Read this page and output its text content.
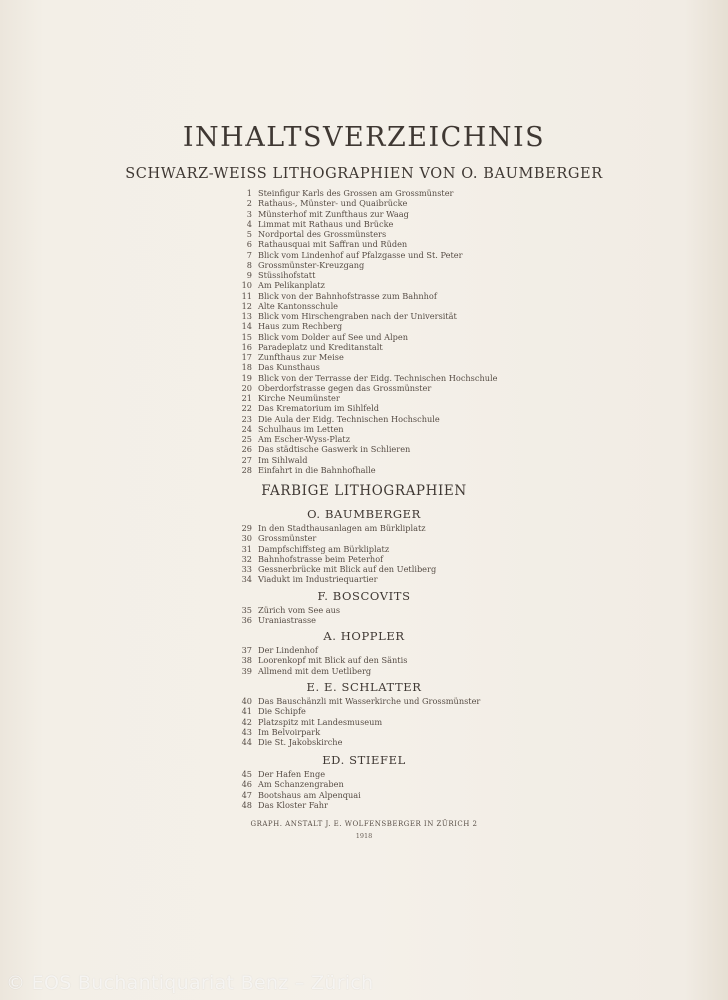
INHALTSVERZEICHNIS
SCHWARZ-WEISS LITHOGRAPHIEN VON O. BAUMBERGER
1 Steinfigur Karls des Grossen am Grossmünster
2 Rathaus-, Münster- und Quaibrücke
3 Münsterhof mit Zunfthaus zur Waag
4 Limmat mit Rathaus und Brücke
5 Nordportal des Grossmünsters
6 Rathausquai mit Saffran und Rüden
7 Blick vom Lindenhof auf Pfalzgasse und St. Peter
8 Grossmünster-Kreuzgang
9 Stüssihofstatt
10 Am Pelikanplatz
11 Blick von der Bahnhofstrasse zum Bahnhof
12 Alte Kantonsschule
13 Blick vom Hirschengraben nach der Universität
14 Haus zum Rechberg
15 Blick vom Dolder auf See und Alpen
16 Paradeplatz und Kreditanstalt
17 Zunfthaus zur Meise
18 Das Kunsthaus
19 Blick von der Terrasse der Eidg. Technischen Hochschule
20 Oberdorfstrasse gegen das Grossmünster
21 Kirche Neumünster
22 Das Krematorium im Sihlfeld
23 Die Aula der Eidg. Technischen Hochschule
24 Schulhaus im Letten
25 Am Escher-Wyss-Platz
26 Das städtische Gaswerk in Schlieren
27 Im Sihlwald
28 Einfahrt in die Bahnhofhalle
FARBIGE LITHOGRAPHIEN
O. BAUMBERGER
29 In den Stadthausanlagen am Bürkliplatz
30 Grossmünster
31 Dampfschiffsteg am Bürkliplatz
32 Bahnhofstrasse beim Peterhof
33 Gessnerbrücke mit Blick auf den Uetliberg
34 Viadukt im Industriequartier
F. BOSCOVITS
35 Zürich vom See aus
36 Uraniastrasse
A. HOPPLER
37 Der Lindenhof
38 Loorenkopf mit Blick auf den Säntis
39 Allmend mit dem Uetliberg
E. E. SCHLATTER
40 Das Bauschänzli mit Wasserkirche und Grossmünster
41 Die Schipfe
42 Platzspitz mit Landesmuseum
43 Im Belvoirpark
44 Die St. Jakobskirche
ED. STIEFEL
45 Der Hafen Enge
46 Am Schanzengraben
47 Bootshaus am Alpenquai
48 Das Kloster Fahr
GRAPH. ANSTALT J. E. WOLFENSBERGER IN ZÜRICH 2
1918
© EOS Buchantiquariat Benz – Zürich
